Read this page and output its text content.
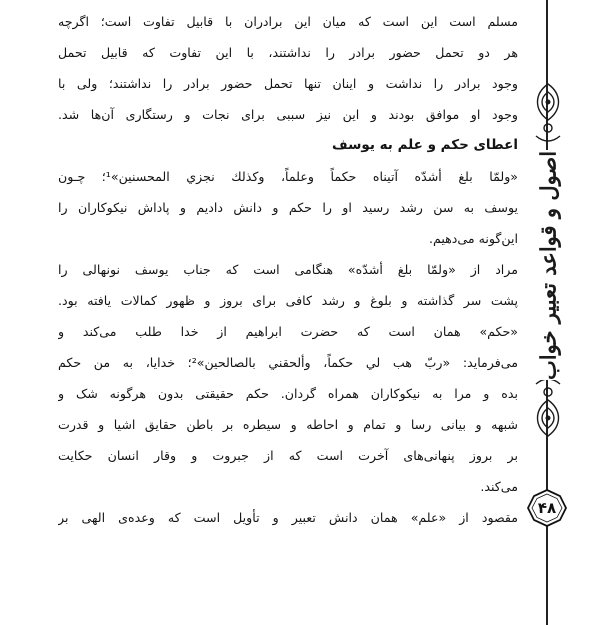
مسلم است این است که میان این برادران با قابیل تفاوت است؛ اگرچه
هر دو تحمل حضور برادر را نداشتند، با این تفاوت که قابیل تحمل
وجود برادر را نداشت و اینان تنها تحمل حضور برادر را نداشتند؛ ولی با
وجود او موافق بودند و این نیز سببی برای نجات و رستگاری آن‌ها شد.
اعطای حکم و علم به یوسف
«ولمّا بلغ أشدّه آتيناه حكماً وعلماً، وكذلك نجزي المحسنين»¹؛ چـون
یوسف به سن رشد رسید او را حکم و دانش دادیم و پاداش نیکوکاران را
این‌گونه می‌دهیم.
مراد از «ولمّا بلغ أشدّه» هنگامی است که جناب یوسف نونهالی را
پشت سر گذاشته و بلوغ و رشد کافی برای بروز و ظهور کمالات یافته بود.
«حکم» همان است که حضرت ابراهیم از خدا طلب می‌کند و
می‌فرماید: «ربّ هب لي حكماً، وألحقني بالصالحين»²؛ خدایا، به من حکم
بده و مرا به نیکوکاران همراه گردان. حکم حقیقتی بدون هرگونه شک و
شبهه و بیانی رسا و تمام و احاطه و سیطره بر باطن حقایق اشیا و قدرت
بر بروز پنهانی‌های آخرت است که از جبروت و وقار انسان حکایت
می‌کند.
مقصود از «علم» همان دانش تعبیر و تأویل است که وعده‌ی الهی بر
اصول و قواعد تعبیر خواب
۴۸
